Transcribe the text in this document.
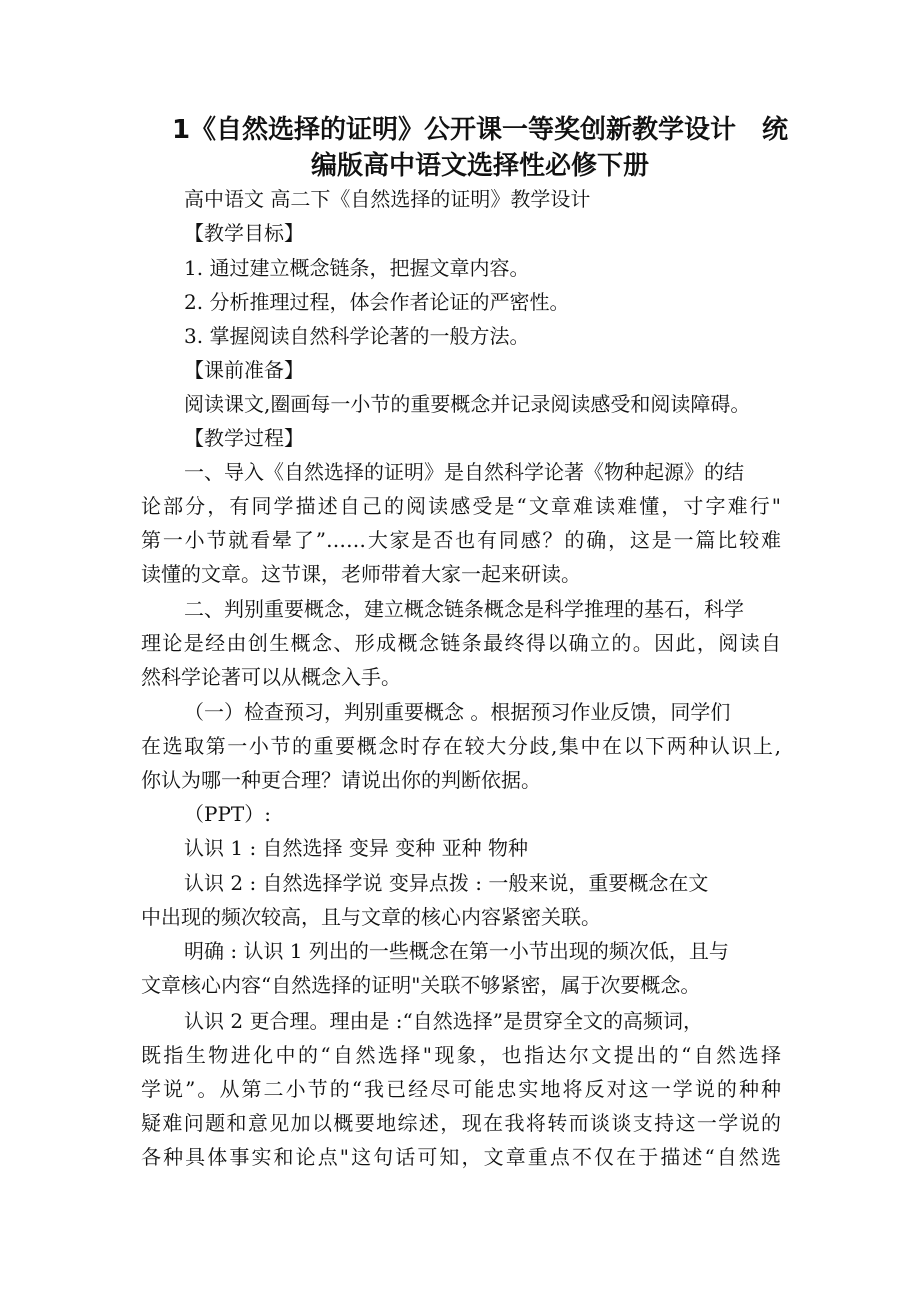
1《自然选择的证明》公开课一等奖创新教学设计　统
编版高中语文选择性必修下册
高中语文 高二下《自然选择的证明》教学设计
【教学目标】
1. 通过建立概念链条，把握文章内容。
2. 分析推理过程，体会作者论证的严密性。
3. 掌握阅读自然科学论著的一般方法。
【课前准备】
阅读课文,圈画每一小节的重要概念并记录阅读感受和阅读障碍。
【教学过程】
一、导入《自然选择的证明》是自然科学论著《物种起源》的结
论部分，有同学描述自己的阅读感受是“文章难读难懂，寸字难行"
第一小节就看晕了”……大家是否也有同感？的确，这是一篇比较难
读懂的文章。这节课，老师带着大家一起来研读。
二、判别重要概念，建立概念链条概念是科学推理的基石，科学
理论是经由创生概念、形成概念链条最终得以确立的。因此，阅读自
然科学论著可以从概念入手。
（一）检查预习，判别重要概念 。根据预习作业反馈，同学们
在选取第一小节的重要概念时存在较大分歧,集中在以下两种认识上,
你认为哪一种更合理？请说出你的判断依据。
（PPT）:
认识 1 : 自然选择 变异 变种 亚种 物种
认识 2 : 自然选择学说 变异点拨 : 一般来说，重要概念在文
中出现的频次较高，且与文章的核心内容紧密关联。
明确 : 认识 1 列出的一些概念在第一小节出现的频次低，且与
文章核心内容“自然选择的证明"关联不够紧密，属于次要概念。
认识 2 更合理。理由是 :“自然选择”是贯穿全文的高频词，
既指生物进化中的“自然选择"现象，也指达尔文提出的“自然选择
学说”。从第二小节的“我已经尽可能忠实地将反对这一学说的种种
疑难问题和意见加以概要地综述，现在我将转而谈谈支持这一学说的
各种具体事实和论点"这句话可知，文章重点不仅在于描述“自然选
